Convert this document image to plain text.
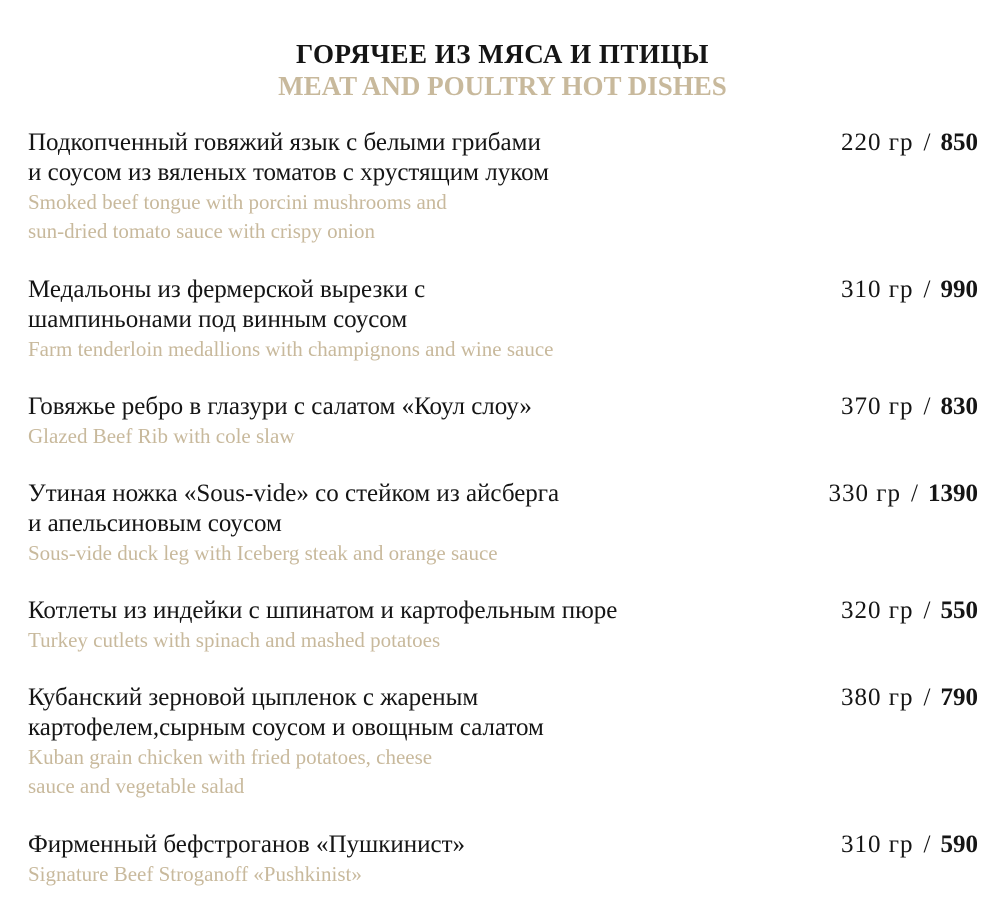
ГОРЯЧЕЕ ИЗ МЯСА И ПТИЦЫ
MEAT AND POULTRY HOT DISHES
Подкопченный говяжий язык с белыми грибами
и соусом из вяленых томатов с хрустящим луком
Smoked beef tongue with porcini mushrooms and
sun-dried tomato sauce with crispy onion
220 гр / 850
Медальоны из фермерской вырезки с
шампиньонами под винным соусом
Farm tenderloin medallions with champignons and wine sauce
310 гр / 990
Говяжье ребро в глазури с салатом «Коул слоу»
Glazed Beef Rib with cole slaw
370 гр / 830
Утиная ножка «Sous-vide» со стейком из айсберга
и апельсиновым соусом
Sous-vide duck leg with Iceberg steak and orange sauce
330 гр / 1390
Котлеты из индейки с шпинатом и картофельным пюре
Turkey cutlets with spinach and mashed potatoes
320 гр / 550
Кубанский зерновой цыпленок с жареным
картофелем,сырным соусом и овощным салатом
Kuban grain chicken with fried potatoes, cheese
sauce and vegetable salad
380 гр / 790
Фирменный бефстроганов «Пушкинист»
Signature Beef Stroganoff «Pushkinist»
310 гр / 590
